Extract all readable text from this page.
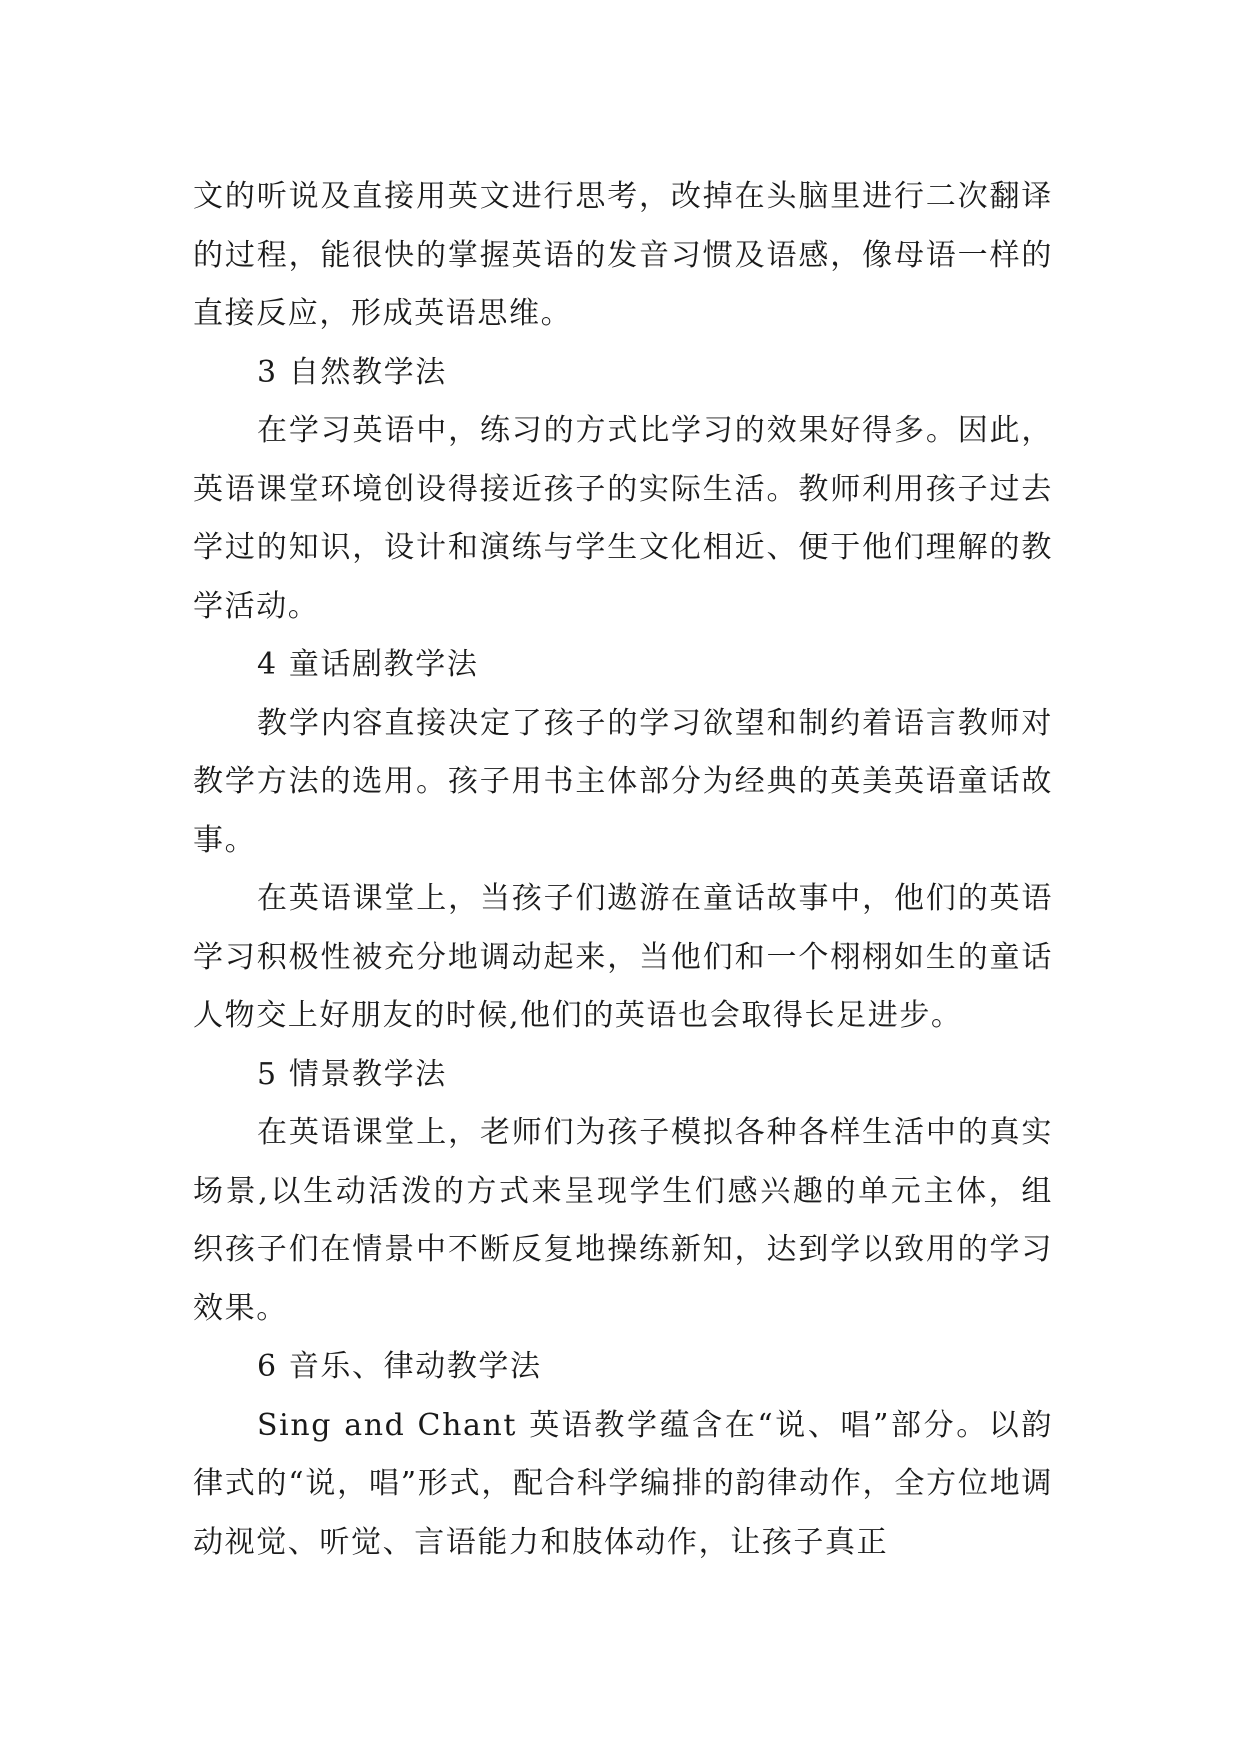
文的听说及直接用英文进行思考，改掉在头脑里进行二次翻译的过程，能很快的掌握英语的发音习惯及语感，像母语一样的直接反应，形成英语思维。

3 自然教学法

在学习英语中，练习的方式比学习的效果好得多。因此，英语课堂环境创设得接近孩子的实际生活。教师利用孩子过去学过的知识，设计和演练与学生文化相近、便于他们理解的教学活动。

4 童话剧教学法

教学内容直接决定了孩子的学习欲望和制约着语言教师对教学方法的选用。孩子用书主体部分为经典的英美英语童话故事。

在英语课堂上，当孩子们遨游在童话故事中，他们的英语学习积极性被充分地调动起来，当他们和一个栩栩如生的童话人物交上好朋友的时候,他们的英语也会取得长足进步。

5 情景教学法

在英语课堂上，老师们为孩子模拟各种各样生活中的真实场景,以生动活泼的方式来呈现学生们感兴趣的单元主体，组织孩子们在情景中不断反复地操练新知，达到学以致用的学习效果。

6 音乐、律动教学法

Sing and Chant 英语教学蕴含在“说、唱”部分。以韵律式的“说，唱”形式，配合科学编排的韵律动作，全方位地调动视觉、听觉、言语能力和肢体动作，让孩子真正
